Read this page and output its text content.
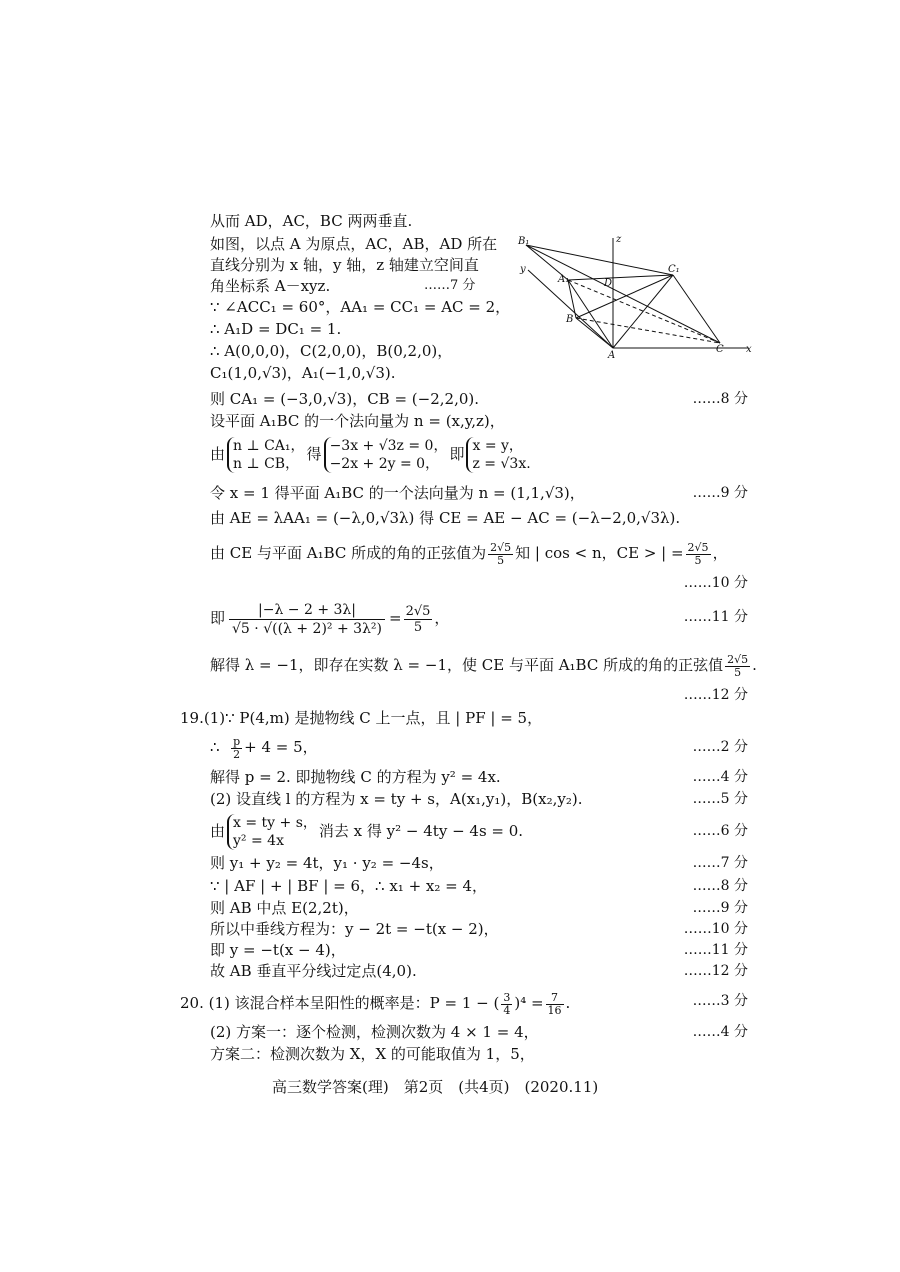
从而 AD，AC，BC 两两垂直.
如图，以点 A 为原点，AC，AB，AD 所在
直线分别为 x 轴，y 轴，z 轴建立空间直
角坐标系 A－xyz.	……7 分
∵ ∠ACC₁ = 60°，AA₁ = CC₁ = AC = 2，
∴ A₁D = DC₁ = 1.
∴ A(0,0,0)，C(2,0,0)，B(0,2,0)，
C₁(1,0,√3)，A₁(−1,0,√3).
B₁
C₁
A₁	D
B
A
C x
y
z
则 CA₁ = (−3,0,√3)，CB = (−2,2,0).	……8 分
设平面 A₁BC 的一个法向量为 n = (x,y,z)，
由 n ⊥ CA₁，
n ⊥ CB，
得 −3x + √3z = 0，
−2x + 2y = 0，
即 x = y，
z = √3x.
令 x = 1 得平面 A₁BC 的一个法向量为 n = (1,1,√3)，	……9 分
由 AE = λAA₁ = (−λ,0,√3λ) 得 CE = AE − AC = (−λ−2,0,√3λ).
由 CE 与平面 A₁BC 所成的角的正弦值为 $\frac{2√5}{5}$ 知 | cos < n，CE > | = $\frac{2√5}{5}$ ，
……10 分
即 $\frac{|-\lambda - 2 + 3\lambda|}{\text{√5 · √((λ + 2)² + 3λ²)}} = \frac{2√5}{5}$ ，	……11 分
解得 λ = −1，即存在实数 λ = −1，使 CE 与平面 A₁BC 所成的角的正弦值 $\frac{2√5}{5}$ .
……12 分
19.(1)∵ P(4,m) 是抛物线 C 上一点，且 | PF | = 5，
∴ $\frac{p}{2} + 4 = 5$，	……2 分
解得 p = 2. 即抛物线 C 的方程为 y² = 4x.	……4 分
(2) 设直线 l 的方程为 x = ty + s，A(x₁,y₁)，B(x₂,y₂).	……5 分
由 x = ty + s，
y² = 4x
消去 x 得 y² − 4ty − 4s = 0.	……6 分
则 y₁ + y₂ = 4t，y₁ · y₂ = −4s，	……7 分
∵ | AF | + | BF | = 6，∴ x₁ + x₂ = 4，	……8 分
则 AB 中点 E(2,2t)，	……9 分
所以中垂线方程为：y − 2t = −t(x − 2)，	……10 分
即 y = −t(x − 4)，	……11 分
故 AB 垂直平分线过定点(4,0).	……12 分
20. (1) 该混合样本呈阳性的概率是：P = 1 − ( $\frac{3}{4} )^4 = \frac{7}{16}$ .	……3 分
(2) 方案一：逐个检测，检测次数为 4 × 1 = 4，	……4 分
方案二：检测次数为 X，X 的可能取值为 1，5，
高三数学答案(理)　第2页　(共4页)　(2020.11)
